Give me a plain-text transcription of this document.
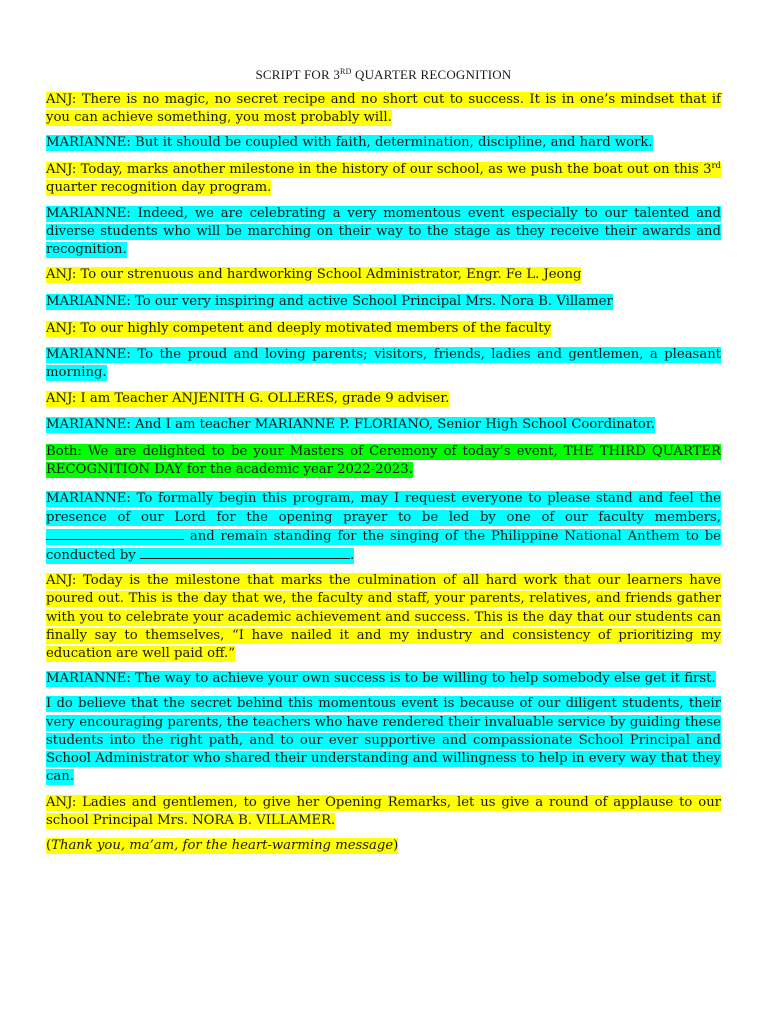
SCRIPT FOR 3RD QUARTER RECOGNITION

ANJ: There is no magic, no secret recipe and no short cut to success. It is in one’s mindset that if you can achieve something, you most probably will.

MARIANNE: But it should be coupled with faith, determination, discipline, and hard work.

ANJ: Today, marks another milestone in the history of our school, as we push the boat out on this 3rd quarter recognition day program.

MARIANNE: Indeed, we are celebrating a very momentous event especially to our talented and diverse students who will be marching on their way to the stage as they receive their awards and recognition.

ANJ: To our strenuous and hardworking School Administrator, Engr. Fe L. Jeong

MARIANNE: To our very inspiring and active School Principal Mrs. Nora B. Villamer

ANJ: To our highly competent and deeply motivated members of the faculty

MARIANNE: To the proud and loving parents; visitors, friends, ladies and gentlemen, a pleasant morning.

ANJ: I am Teacher ANJENITH G. OLLERES, grade 9 adviser.

MARIANNE: And I am teacher MARIANNE P. FLORIANO, Senior High School Coordinator.

Both: We are delighted to be your Masters of Ceremony of today’s event, THE THIRD QUARTER RECOGNITION DAY for the academic year 2022-2023.

MARIANNE: To formally begin this program, may I request everyone to please stand and feel the presence of our Lord for the opening prayer to be led by one of our faculty members,  and remain standing for the singing of the Philippine National Anthem to be conducted by	.

ANJ: Today is the milestone that marks the culmination of all hard work that our learners have poured out. This is the day that we, the faculty and staff, your parents, relatives, and friends gather with you to celebrate your academic achievement and success. This is the day that our students can finally say to themselves, “I have nailed it and my industry and consistency of prioritizing my education are well paid off.”

MARIANNE: The way to achieve your own success is to be willing to help somebody else get it first.

I do believe that the secret behind this momentous event is because of our diligent students, their very encouraging parents, the teachers who have rendered their invaluable service by guiding these students into the right path, and to our ever supportive and compassionate School Principal and School Administrator who shared their understanding and willingness to help in every way that they can.

ANJ: Ladies and gentlemen, to give her Opening Remarks, let us give a round of applause to our school Principal Mrs. NORA B. VILLAMER.

(Thank you, ma’am, for the heart-warming message)
